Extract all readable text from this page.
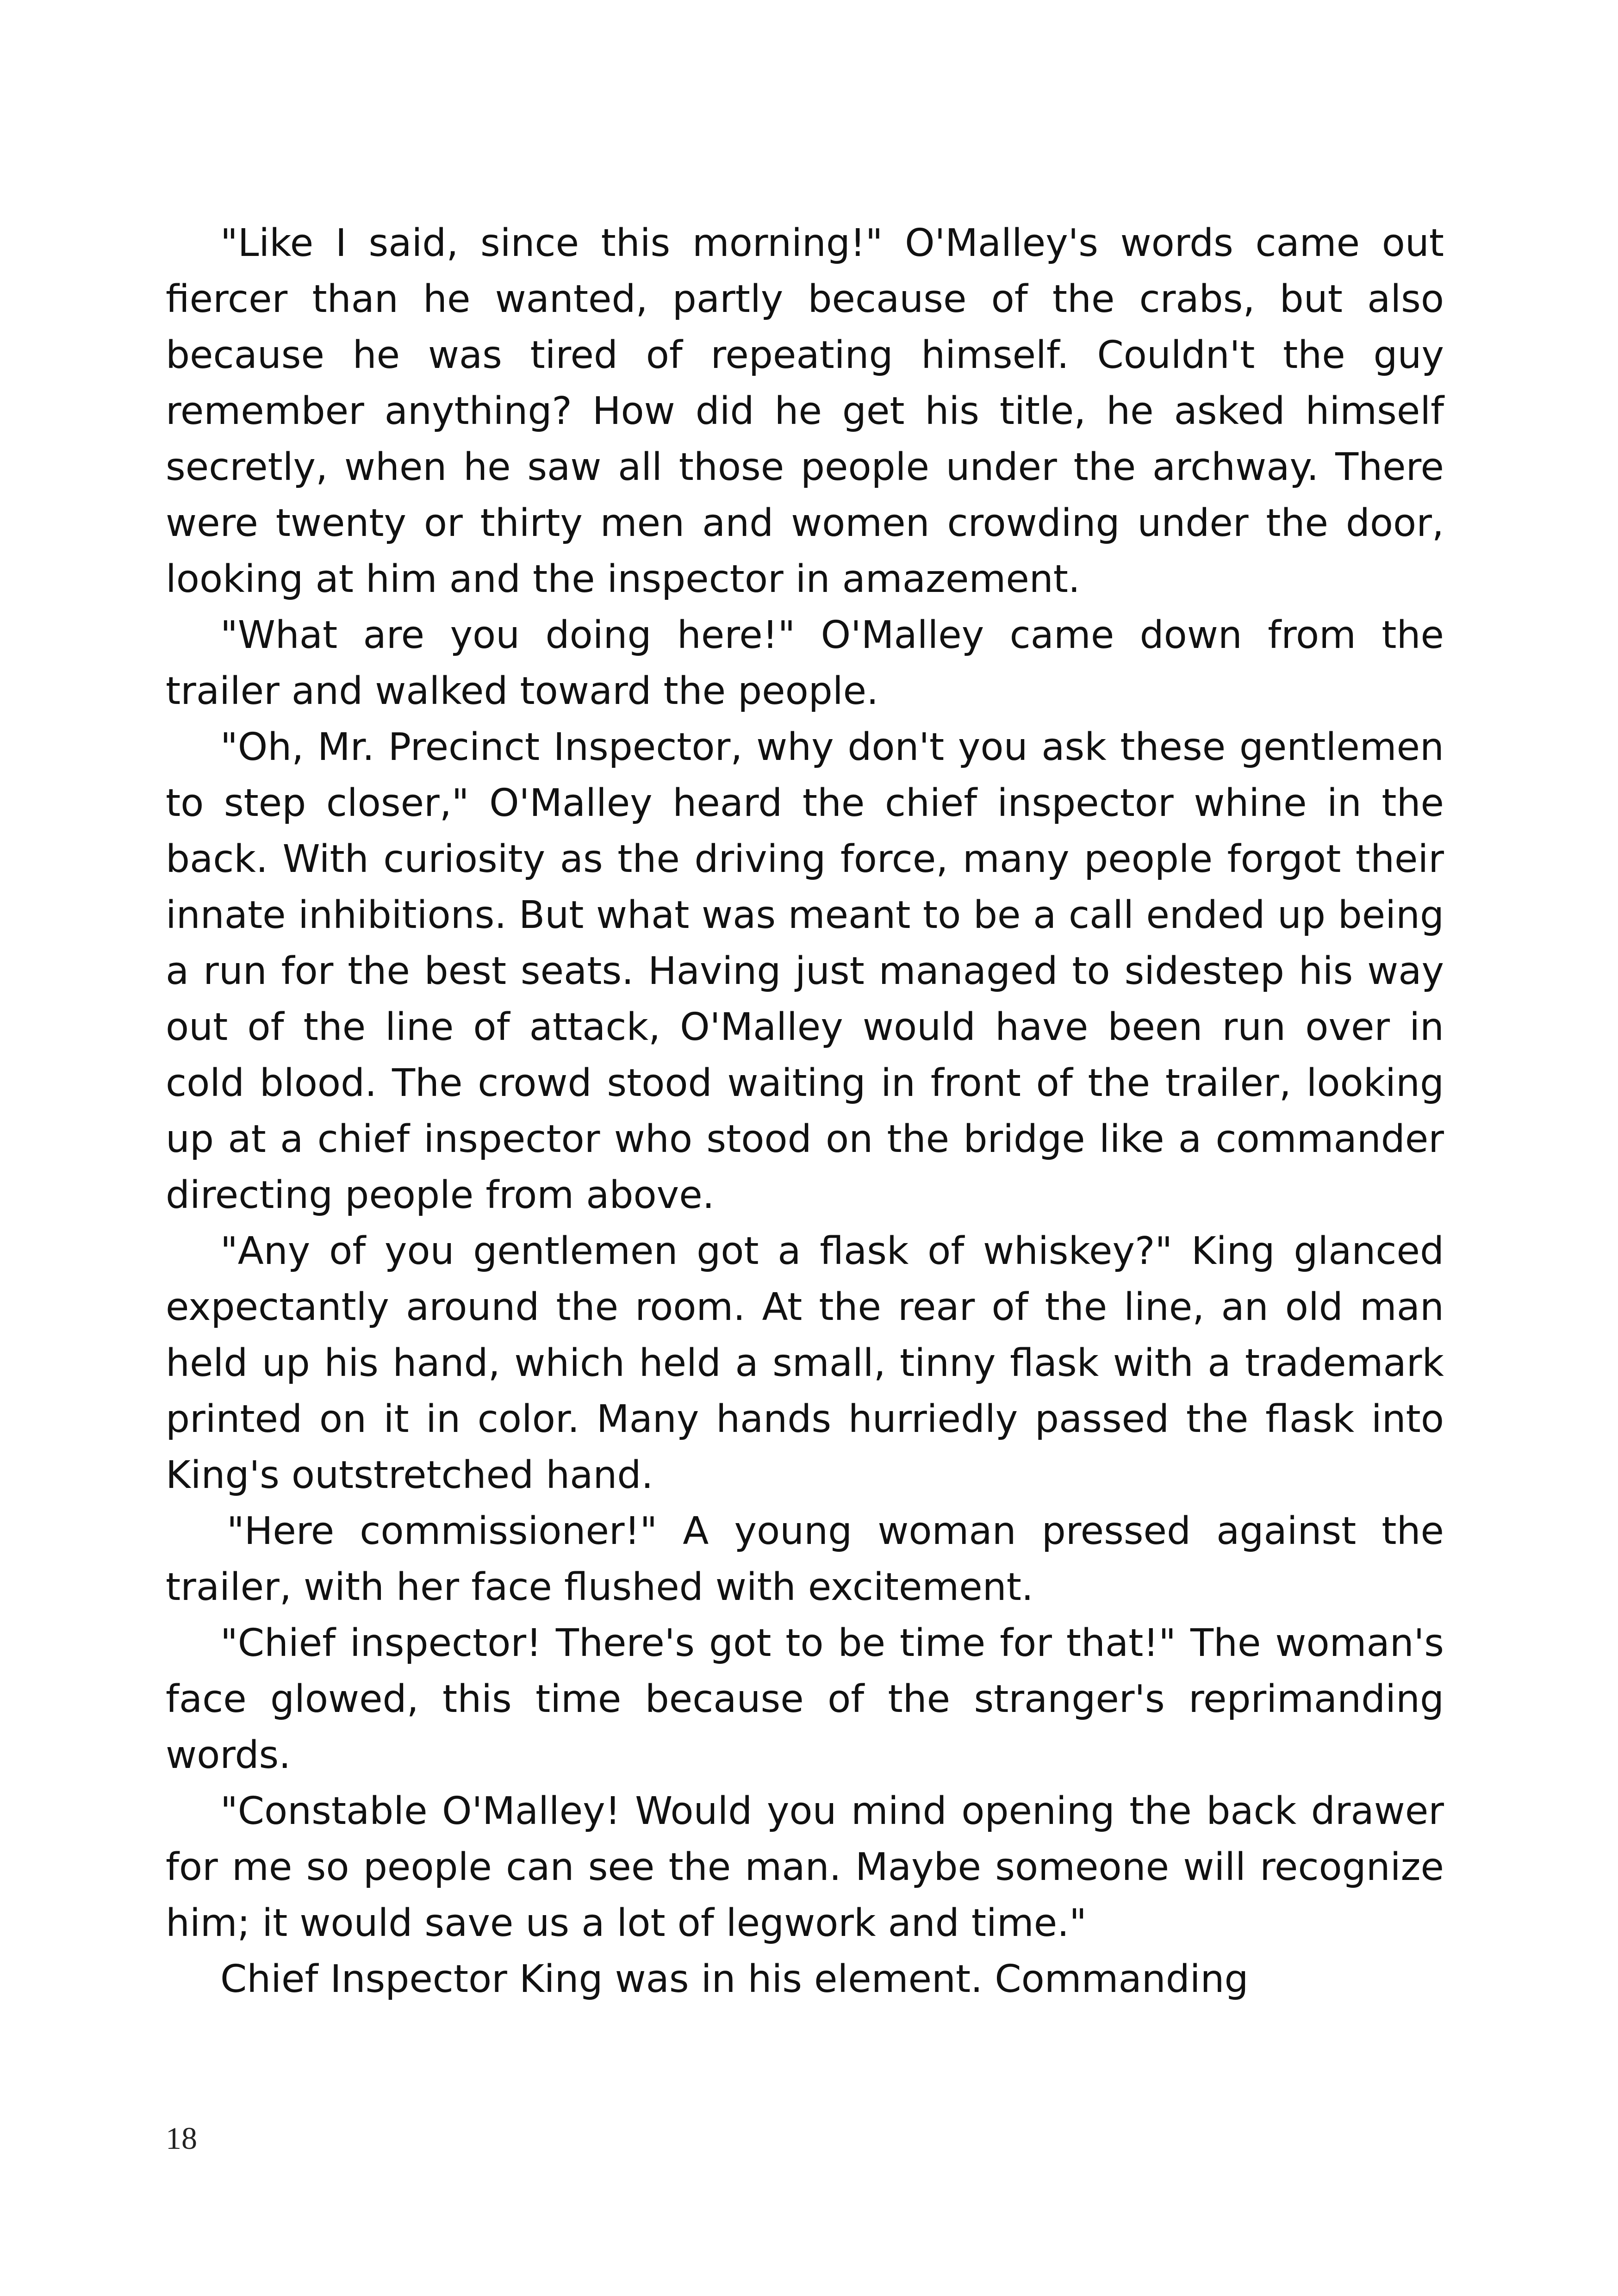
"Like I said, since this morning!" O'Malley's words came out fiercer than he wanted, partly because of the crabs, but also because he was tired of repeating himself. Couldn't the guy remember anything? How did he get his title, he asked himself secretly, when he saw all those people under the archway. There were twenty or thirty men and women crowding under the door, looking at him and the inspector in amazement.

"What are you doing here!" O'Malley came down from the trailer and walked toward the people.

"Oh, Mr. Precinct Inspector, why don't you ask these gentlemen to step closer," O'Malley heard the chief inspector whine in the back. With curiosity as the driving force, many people forgot their innate inhibitions. But what was meant to be a call ended up being a run for the best seats. Having just managed to sidestep his way out of the line of attack, O'Malley would have been run over in cold blood. The crowd stood waiting in front of the trailer, looking up at a chief inspector who stood on the bridge like a commander directing people from above.

"Any of you gentlemen got a flask of whiskey?" King glanced expectantly around the room. At the rear of the line, an old man held up his hand, which held a small, tinny flask with a trademark printed on it in color. Many hands hurriedly passed the flask into King's outstretched hand.

"Here commissioner!" A young woman pressed against the trailer, with her face flushed with excitement.

"Chief inspector! There's got to be time for that!" The woman's face glowed, this time because of the stranger's reprimanding words.

"Constable O'Malley! Would you mind opening the back drawer for me so people can see the man. Maybe someone will recognize him; it would save us a lot of legwork and time."

Chief Inspector King was in his element. Commanding

18
